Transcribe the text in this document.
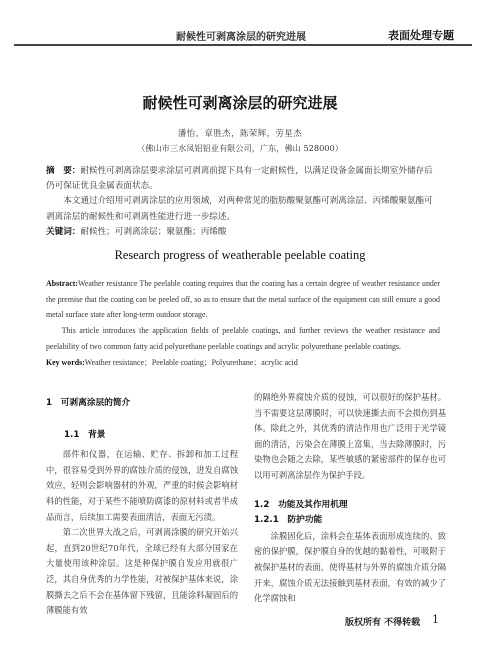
耐候性可剥离涂层的研究进展	表面处理专题
耐候性可剥离涂层的研究进展
潘怡，章胜杰，陈荣辉，劳星杰
（佛山市三水凤铝铝业有限公司，广东，佛山 528000）
摘　要：耐候性可剥离涂层要求涂层可剥离前提下具有一定耐候性，以满足设备金属面长期室外储存后仍可保证优良金属表面状态。
本文通过介绍用可剥离涂层的应用领域，对两种常见的脂肪酸聚氨酯可剥离涂层、丙烯酸聚氨酯可剥离涂层的耐候性和可剥离性能进行进一步综述。
关键词：耐候性；可剥离涂层；聚氨酯；丙烯酸
Research progress of weatherable peelable coating
Abstract:Weather resistance The peelable coating requires that the coating has a certain degree of weather resistance under the premise that the coating can be peeled off, so as to ensure that the metal surface of the equipment can still ensure a good metal surface state after long-term outdoor storage.
This article introduces the application fields of peelable coatings, and further reviews the weather resistance and peelability of two common fatty acid polyurethane peelable coatings and acrylic polyurethane peelable coatings.
Key words:Weather resistance；Peelable coating；Polyurethane；acrylic acid
1　可剥离涂层的简介
1.1　背景
部件和仪器，在运输、贮存、拆卸和加工过程中，很容易受到外界的腐蚀介质的侵蚀，进发自腐蚀效应，轻则会影响器材的外观，严重的时候会影响材料的性能，对于某些不能喷防腐漆的原材料或者半成品而言，后续加工需要表面清洁，表面无污渍。
第二次世界大战之后，可剥离涂膜的研究开始兴起，直到20世纪70年代，全球已经有大部分国家在大量使用该种涂层。这是种保护膜自发应用就很广泛，其自身优秀的力学性能，对被保护基体来说，涂膜撕去之后不会在基体留下残留，且能涂料凝固后的薄膜能有效
的隔绝外界腐蚀介质的侵蚀，可以很好的保护基材。当不需要这层薄膜时，可以快速撕去而不会损伤到基体。除此之外，其优秀的清洁作用也广泛用于光学镜面的清洁，污染会在薄膜上富集，当去除薄膜时，污染物也会随之去除，某些敏感的紧密部件的保存也可以用可剥离涂层作为保护手段。
1.2　功能及其作用机理
1.2.1　防护功能
涂膜固化后，涂料会在基体表面形成连续的、致密的保护膜，保护膜自身的优越的黏着性，可吸附于被保护基材的表面，使得基材与外界的腐蚀介质分隔开来，腐蚀介质无法接触到基材表面，有效的减少了化学腐蚀和
版权所有 不得转载 1
